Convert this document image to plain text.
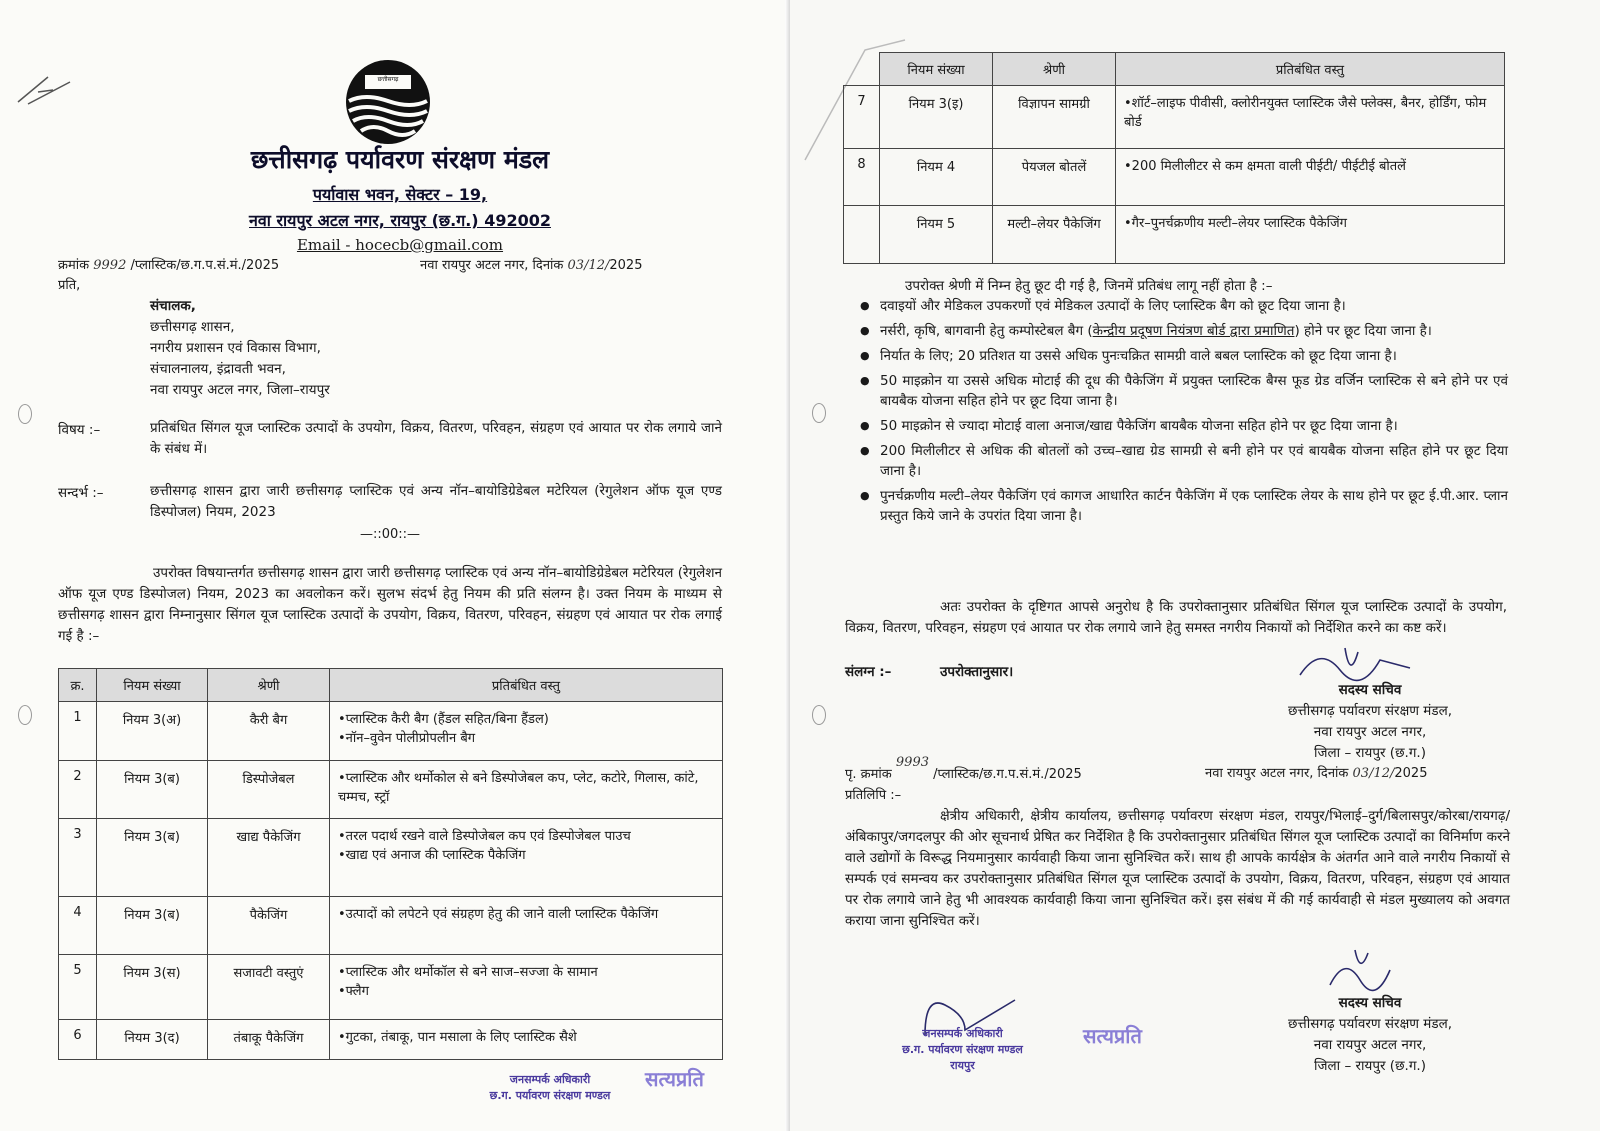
छत्तीसगढ़
छत्तीसगढ़ पर्यावरण संरक्षण मंडल
पर्यावास भवन, सेक्टर – 19,
नवा रायपुर अटल नगर, रायपुर (छ.ग.) 492002
Email - hocecb@gmail.com
क्रमांक 9992 /प्लास्टिक/छ.ग.प.सं.मं./2025	नवा रायपुर अटल नगर, दिनांक 03/12/2025
प्रति,
संचालक,
छत्तीसगढ़ शासन,
नगरीय प्रशासन एवं विकास विभाग,
संचालनालय, इंद्रावती भवन,
नवा रायपुर अटल नगर, जिला–रायपुर
विषय :–	प्रतिबंधित सिंगल यूज प्लास्टिक उत्पादों के उपयोग, विक्रय, वितरण, परिवहन, संग्रहण एवं आयात पर रोक लगाये जाने के संबंध में।
सन्दर्भ :–	छत्तीसगढ़ शासन द्वारा जारी छत्तीसगढ़ प्लास्टिक एवं अन्य नॉन–बायोडिग्रेडेबल मटेरियल (रेगुलेशन ऑफ यूज एण्ड डिस्पोजल) नियम, 2023
—::00::—
उपरोक्त विषयान्तर्गत छत्तीसगढ़ शासन द्वारा जारी छत्तीसगढ़ प्लास्टिक एवं अन्य नॉन–बायोडिग्रेडेबल मटेरियल (रेगुलेशन ऑफ यूज एण्ड डिस्पोजल) नियम, 2023 का अवलोकन करें। सुलभ संदर्भ हेतु नियम की प्रति संलग्न है। उक्त नियम के माध्यम से छत्तीसगढ़ शासन द्वारा निम्नानुसार सिंगल यूज प्लास्टिक उत्पादों के उपयोग, विक्रय, वितरण, परिवहन, संग्रहण एवं आयात पर रोक लगाई गई है :–
क्र.	नियम संख्या	श्रेणी	प्रतिबंधित वस्तु
1	नियम 3(अ)	कैरी बैग	• प्लास्टिक कैरी बैग (हैंडल सहित/बिना हैंडल)
• नॉन–वुवेन पोलीप्रोपलीन बैग

2	नियम 3(ब)	डिस्पोजेबल	• प्लास्टिक और थर्मोकोल से बने डिस्पोजेबल कप, प्लेट, कटोरे, गिलास, कांटे, चम्मच, स्ट्रॉ

3	नियम 3(ब)	खाद्य पैकेजिंग	• तरल पदार्थ रखने वाले डिस्पोजेबल कप एवं डिस्पोजेबल पाउच
• खाद्य एवं अनाज की प्लास्टिक पैकेजिंग

4	नियम 3(ब)	पैकेजिंग	• उत्पादों को लपेटने एवं संग्रहण हेतु की जाने वाली प्लास्टिक पैकेजिंग

5	नियम 3(स)	सजावटी वस्तुएं	• प्लास्टिक और थर्मोकॉल से बने साज–सज्जा के सामान
• फ्लैग

6	नियम 3(द)	तंबाकू पैकेजिंग	• गुटका, तंबाकू, पान मसाला के लिए प्लास्टिक सैशे
जनसम्पर्क अधिकारी
छ.ग. पर्यावरण संरक्षण मण्डल
सत्यप्रति
	नियम संख्या	श्रेणी	प्रतिबंधित वस्तु
7	नियम 3(इ)	विज्ञापन सामग्री	• शॉर्ट–लाइफ पीवीसी, क्लोरीनयुक्त प्लास्टिक जैसे फ्लेक्स, बैनर, होर्डिंग, फोम बोर्ड

8	नियम 4	पेयजल बोतलें	• 200 मिलीलीटर से कम क्षमता वाली पीईटी/ पीईटीई बोतलें

	नियम 5	मल्टी–लेयर पैकेजिंग	• गैर–पुनर्चक्रणीय मल्टी–लेयर प्लास्टिक पैकेजिंग
उपरोक्त श्रेणी में निम्न हेतु छूट दी गई है, जिनमें प्रतिबंध लागू नहीं होता है :–
● दवाइयों और मेडिकल उपकरणों एवं मेडिकल उत्पादों के लिए प्लास्टिक बैग को छूट दिया जाना है।
● नर्सरी, कृषि, बागवानी हेतु कम्पोस्टेबल बैग (केन्द्रीय प्रदूषण नियंत्रण बोर्ड द्वारा प्रमाणित) होने पर छूट दिया जाना है।
● निर्यात के लिए; 20 प्रतिशत या उससे अधिक पुनःचक्रित सामग्री वाले बबल प्लास्टिक को छूट दिया जाना है।
● 50 माइक्रोन या उससे अधिक मोटाई की दूध की पैकेजिंग में प्रयुक्त प्लास्टिक बैग्स फूड ग्रेड वर्जिन प्लास्टिक से बने होने पर एवं बायबैक योजना सहित होने पर छूट दिया जाना है।
● 50 माइक्रोन से ज्यादा मोटाई वाला अनाज/खाद्य पैकेजिंग बायबैक योजना सहित होने पर छूट दिया जाना है।
● 200 मिलीलीटर से अधिक की बोतलों को उच्च–खाद्य ग्रेड सामग्री से बनी होने पर एवं बायबैक योजना सहित होने पर छूट दिया जाना है।
● पुनर्चक्रणीय मल्टी–लेयर पैकेजिंग एवं कागज आधारित कार्टन पैकेजिंग में एक प्लास्टिक लेयर के साथ होने पर छूट ई.पी.आर. प्लान प्रस्तुत किये जाने के उपरांत दिया जाना है।
अतः उपरोक्त के दृष्टिगत आपसे अनुरोध है कि उपरोक्तानुसार प्रतिबंधित सिंगल यूज प्लास्टिक उत्पादों के उपयोग, विक्रय, वितरण, परिवहन, संग्रहण एवं आयात पर रोक लगाये जाने हेतु समस्त नगरीय निकायों को निर्देशित करने का कष्ट करें।
संलग्न :–	उपरोक्तानुसार।
सदस्य सचिव
छत्तीसगढ़ पर्यावरण संरक्षण मंडल,
नवा रायपुर अटल नगर,
जिला – रायपुर (छ.ग.)
पृ. क्रमांक 9993 /प्लास्टिक/छ.ग.प.सं.मं./2025	नवा रायपुर अटल नगर, दिनांक 03/12/2025
प्रतिलिपि :–
क्षेत्रीय अधिकारी, क्षेत्रीय कार्यालय, छत्तीसगढ़ पर्यावरण संरक्षण मंडल, रायपुर/भिलाई–दुर्ग/बिलासपुर/कोरबा/रायगढ़/अंबिकापुर/जगदलपुर की ओर सूचनार्थ प्रेषित कर निर्देशित है कि उपरोक्तानुसार प्रतिबंधित सिंगल यूज प्लास्टिक उत्पादों का विनिर्माण करने वाले उद्योगों के विरूद्ध नियमानुसार कार्यवाही किया जाना सुनिश्चित करें। साथ ही आपके कार्यक्षेत्र के अंतर्गत आने वाले नगरीय निकायों से सम्पर्क एवं समन्वय कर उपरोक्तानुसार प्रतिबंधित सिंगल यूज प्लास्टिक उत्पादों के उपयोग, विक्रय, वितरण, परिवहन, संग्रहण एवं आयात पर रोक लगाये जाने हेतु भी आवश्यक कार्यवाही किया जाना सुनिश्चित करें। इस संबंध में की गई कार्यवाही से मंडल मुख्यालय को अवगत कराया जाना सुनिश्चित करें।
सदस्य सचिव
छत्तीसगढ़ पर्यावरण संरक्षण मंडल,
नवा रायपुर अटल नगर,
जिला – रायपुर (छ.ग.)
जनसम्पर्क अधिकारी
छ.ग. पर्यावरण संरक्षण मण्डल
रायपुर
सत्यप्रति
